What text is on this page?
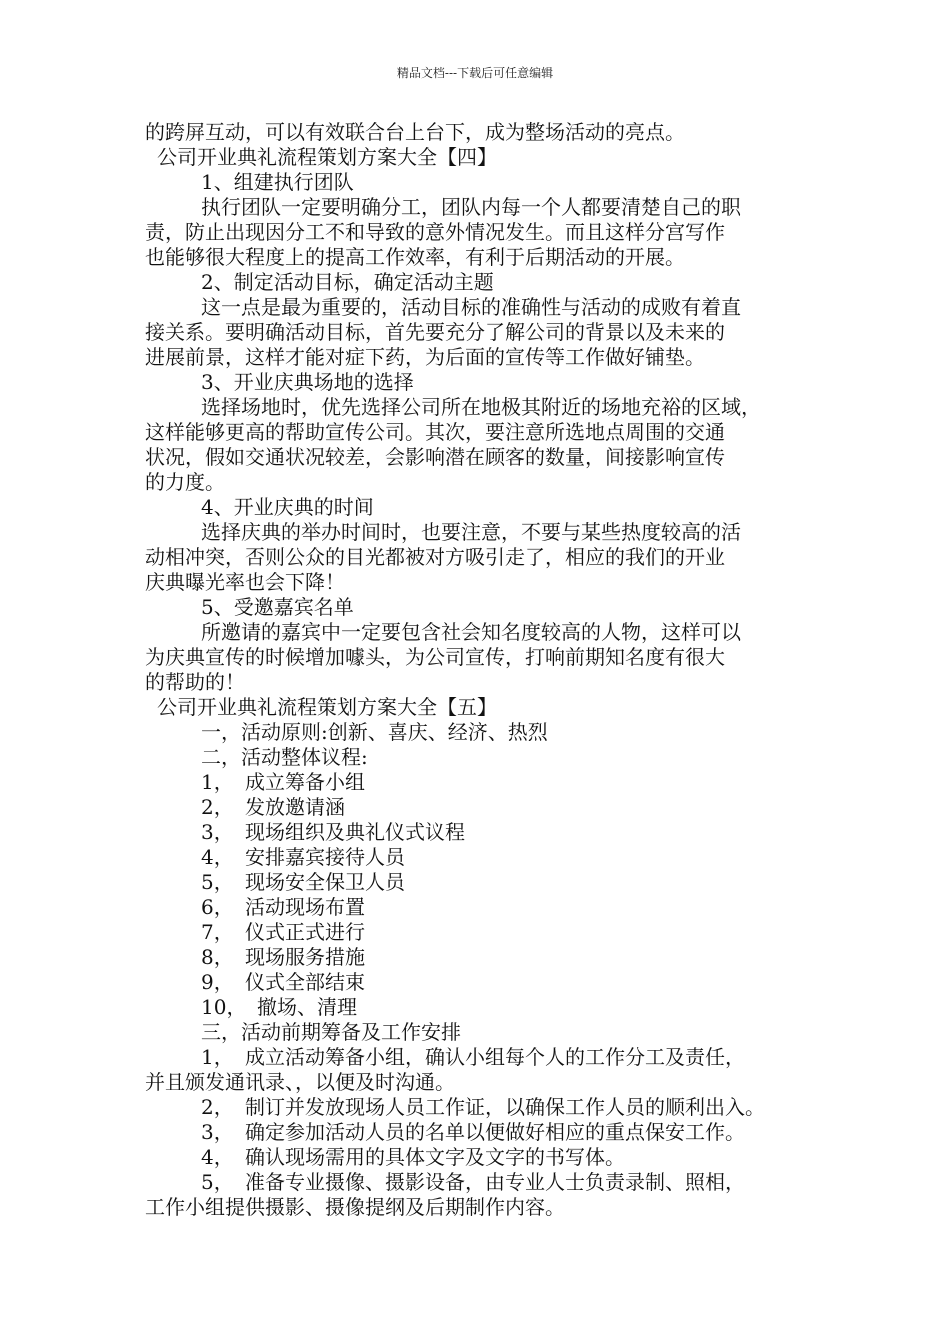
精品文档---下载后可任意编辑

的跨屏互动，可以有效联合台上台下，成为整场活动的亮点。

公司开业典礼流程策划方案大全【四】

1、组建执行团队

执行团队一定要明确分工，团队内每一个人都要清楚自己的职

责，防止出现因分工不和导致的意外情况发生。而且这样分宫写作

也能够很大程度上的提高工作效率，有利于后期活动的开展。

2、制定活动目标，确定活动主题

这一点是最为重要的，活动目标的准确性与活动的成败有着直

接关系。要明确活动目标，首先要充分了解公司的背景以及未来的

进展前景，这样才能对症下药，为后面的宣传等工作做好铺垫。

3、开业庆典场地的选择

选择场地时，优先选择公司所在地极其附近的场地充裕的区域，

这样能够更高的帮助宣传公司。其次，要注意所选地点周围的交通

状况，假如交通状况较差，会影响潜在顾客的数量，间接影响宣传

的力度。

4、开业庆典的时间

选择庆典的举办时间时，也要注意，不要与某些热度较高的活

动相冲突，否则公众的目光都被对方吸引走了，相应的我们的开业

庆典曝光率也会下降！

5、受邀嘉宾名单

所邀请的嘉宾中一定要包含社会知名度较高的人物，这样可以

为庆典宣传的时候增加噱头，为公司宣传，打响前期知名度有很大

的帮助的！

公司开业典礼流程策划方案大全【五】

一，活动原则:创新、喜庆、经济、热烈

二，活动整体议程:

1， 成立筹备小组

2， 发放邀请涵

3， 现场组织及典礼仪式议程

4， 安排嘉宾接待人员

5， 现场安全保卫人员

6， 活动现场布置

7， 仪式正式进行

8， 现场服务措施

9， 仪式全部结束

10， 撤场、清理

三，活动前期筹备及工作安排

1， 成立活动筹备小组，确认小组每个人的工作分工及责任，

并且颁发通讯录、，以便及时沟通。

2， 制订并发放现场人员工作证，以确保工作人员的顺利出入。

3， 确定参加活动人员的名单以便做好相应的重点保安工作。

4， 确认现场需用的具体文字及文字的书写体。

5， 准备专业摄像、摄影设备，由专业人士负责录制、照相，

工作小组提供摄影、摄像提纲及后期制作内容。
